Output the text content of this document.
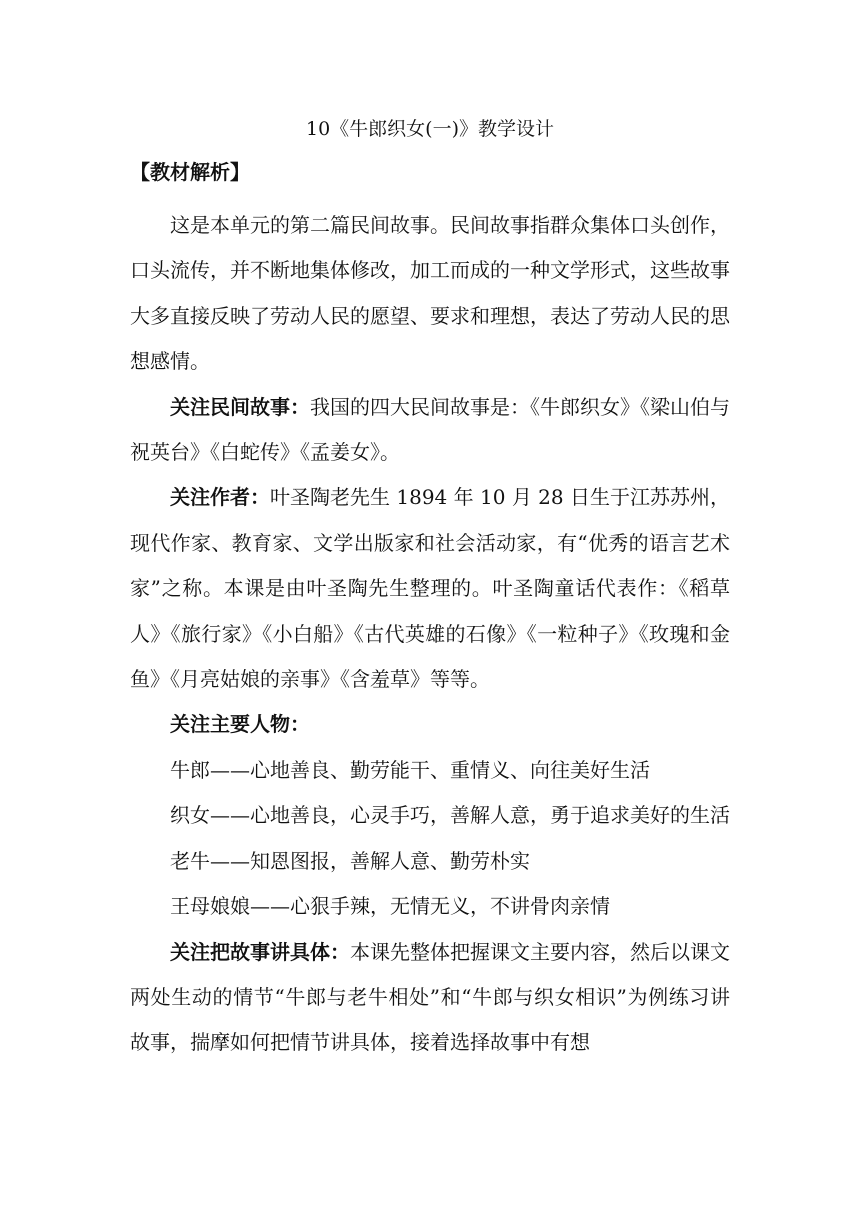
10《牛郎织女(一)》教学设计
【教材解析】

这是本单元的第二篇民间故事。民间故事指群众集体口头创作，口头流传，并不断地集体修改，加工而成的一种文学形式，这些故事大多直接反映了劳动人民的愿望、要求和理想，表达了劳动人民的思想感情。

关注民间故事：我国的四大民间故事是：《牛郎织女》《梁山伯与祝英台》《白蛇传》《孟姜女》。

关注作者：叶圣陶老先生 1894 年 10 月 28 日生于江苏苏州，现代作家、教育家、文学出版家和社会活动家，有“优秀的语言艺术家”之称。本课是由叶圣陶先生整理的。叶圣陶童话代表作：《稻草人》《旅行家》《小白船》《古代英雄的石像》《一粒种子》《玫瑰和金鱼》《月亮姑娘的亲事》《含羞草》等等。

关注主要人物：

牛郎——心地善良、勤劳能干、重情义、向往美好生活

织女——心地善良，心灵手巧，善解人意，勇于追求美好的生活

老牛——知恩图报，善解人意、勤劳朴实

王母娘娘——心狠手辣，无情无义，不讲骨肉亲情

关注把故事讲具体：本课先整体把握课文主要内容，然后以课文两处生动的情节“牛郎与老牛相处”和“牛郎与织女相识”为例练习讲故事，揣摩如何把情节讲具体，接着选择故事中有想
